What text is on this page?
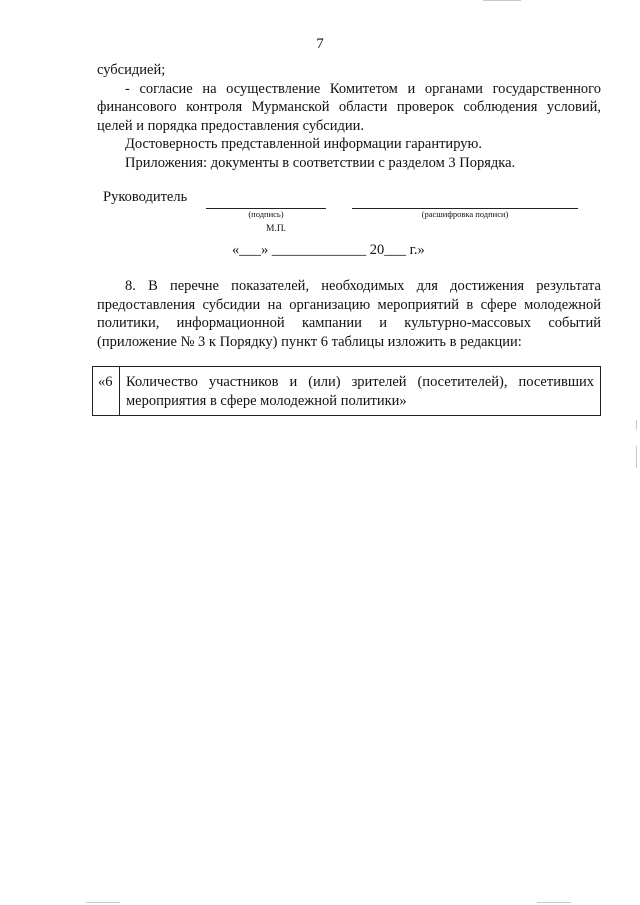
7

субсидией;

- согласие на осуществление Комитетом и органами государственного финансового контроля Мурманской области проверок соблюдения условий, целей и порядка предоставления субсидии.

Достоверность представленной информации гарантирую.

Приложения: документы в соответствии с разделом 3 Порядка.

Руководитель
(подпись)	(расшифровка подписи)
М.П.
«___» _____________ 20___ г.»

8. В перечне показателей, необходимых для достижения результата предоставления субсидии на организацию мероприятий в сфере молодежной политики, информационной кампании и культурно-массовых событий (приложение № 3 к Порядку) пункт 6 таблицы изложить в редакции:

«6	Количество участников и (или) зрителей (посетителей), посетивших мероприятия в сфере молодежной политики»
